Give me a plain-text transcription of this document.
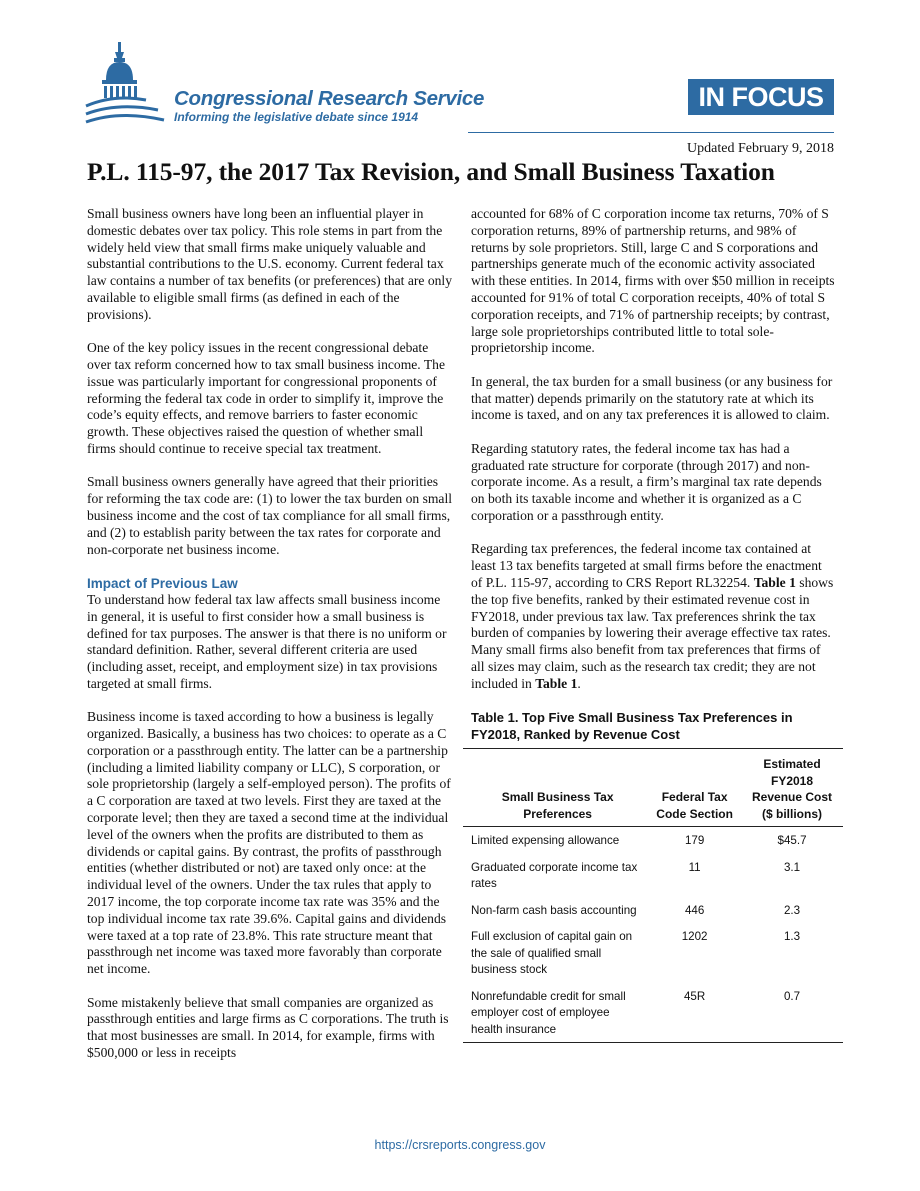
Congressional Research Service
Informing the legislative debate since 1914
IN FOCUS
Updated February 9, 2018
P.L. 115-97, the 2017 Tax Revision, and Small Business Taxation

Small business owners have long been an influential player in domestic debates over tax policy. This role stems in part from the widely held view that small firms make uniquely valuable and substantial contributions to the U.S. economy. Current federal tax law contains a number of tax benefits (or preferences) that are only available to eligible small firms (as defined in each of the provisions).

One of the key policy issues in the recent congressional debate over tax reform concerned how to tax small business income. The issue was particularly important for congressional proponents of reforming the federal tax code in order to simplify it, improve the code’s equity effects, and remove barriers to faster economic growth. These objectives raised the question of whether small firms should continue to receive special tax treatment.

Small business owners generally have agreed that their priorities for reforming the tax code are: (1) to lower the tax burden on small business income and the cost of tax compliance for all small firms, and (2) to establish parity between the tax rates for corporate and non-corporate net business income.

Impact of Previous Law

To understand how federal tax law affects small business income in general, it is useful to first consider how a small business is defined for tax purposes. The answer is that there is no uniform or standard definition. Rather, several different criteria are used (including asset, receipt, and employment size) in tax provisions targeted at small firms.

Business income is taxed according to how a business is legally organized. Basically, a business has two choices: to operate as a C corporation or a passthrough entity. The latter can be a partnership (including a limited liability company or LLC), S corporation, or sole proprietorship (largely a self-employed person). The profits of a C corporation are taxed at two levels. First they are taxed at the corporate level; then they are taxed a second time at the individual level of the owners when the profits are distributed to them as dividends or capital gains. By contrast, the profits of passthrough entities (whether distributed or not) are taxed only once: at the individual level of the owners. Under the tax rules that apply to 2017 income, the top corporate income tax rate was 35% and the top individual income tax rate 39.6%. Capital gains and dividends were taxed at a top rate of 23.8%. This rate structure meant that passthrough net income was taxed more favorably than corporate net income.

Some mistakenly believe that small companies are organized as passthrough entities and large firms as C corporations. The truth is that most businesses are small. In 2014, for example, firms with $500,000 or less in receipts

accounted for 68% of C corporation income tax returns, 70% of S corporation returns, 89% of partnership returns, and 98% of returns by sole proprietors. Still, large C and S corporations and partnerships generate much of the economic activity associated with these entities. In 2014, firms with over $50 million in receipts accounted for 91% of total C corporation receipts, 40% of total S corporation receipts, and 71% of partnership receipts; by contrast, large sole proprietorships contributed little to total sole-proprietorship income.

In general, the tax burden for a small business (or any business for that matter) depends primarily on the statutory rate at which its income is taxed, and on any tax preferences it is allowed to claim.

Regarding statutory rates, the federal income tax has had a graduated rate structure for corporate (through 2017) and non-corporate income. As a result, a firm’s marginal tax rate depends on both its taxable income and whether it is organized as a C corporation or a passthrough entity.

Regarding tax preferences, the federal income tax contained at least 13 tax benefits targeted at small firms before the enactment of P.L. 115-97, according to CRS Report RL32254. Table 1 shows the top five benefits, ranked by their estimated revenue cost in FY2018, under previous tax law. Tax preferences shrink the tax burden of companies by lowering their average effective tax rates. Many small firms also benefit from tax preferences that firms of all sizes may claim, such as the research tax credit; they are not included in Table 1.

Table 1. Top Five Small Business Tax Preferences in FY2018, Ranked by Revenue Cost
Small Business Tax Preferences	Federal Tax Code Section	Estimated FY2018 Revenue Cost ($ billions)
Limited expensing allowance	179	$45.7
Graduated corporate income tax rates	11	3.1
Non-farm cash basis accounting	446	2.3
Full exclusion of capital gain on the sale of qualified small business stock	1202	1.3
Nonrefundable credit for small employer cost of employee health insurance	45R	0.7
https://crsreports.congress.gov
